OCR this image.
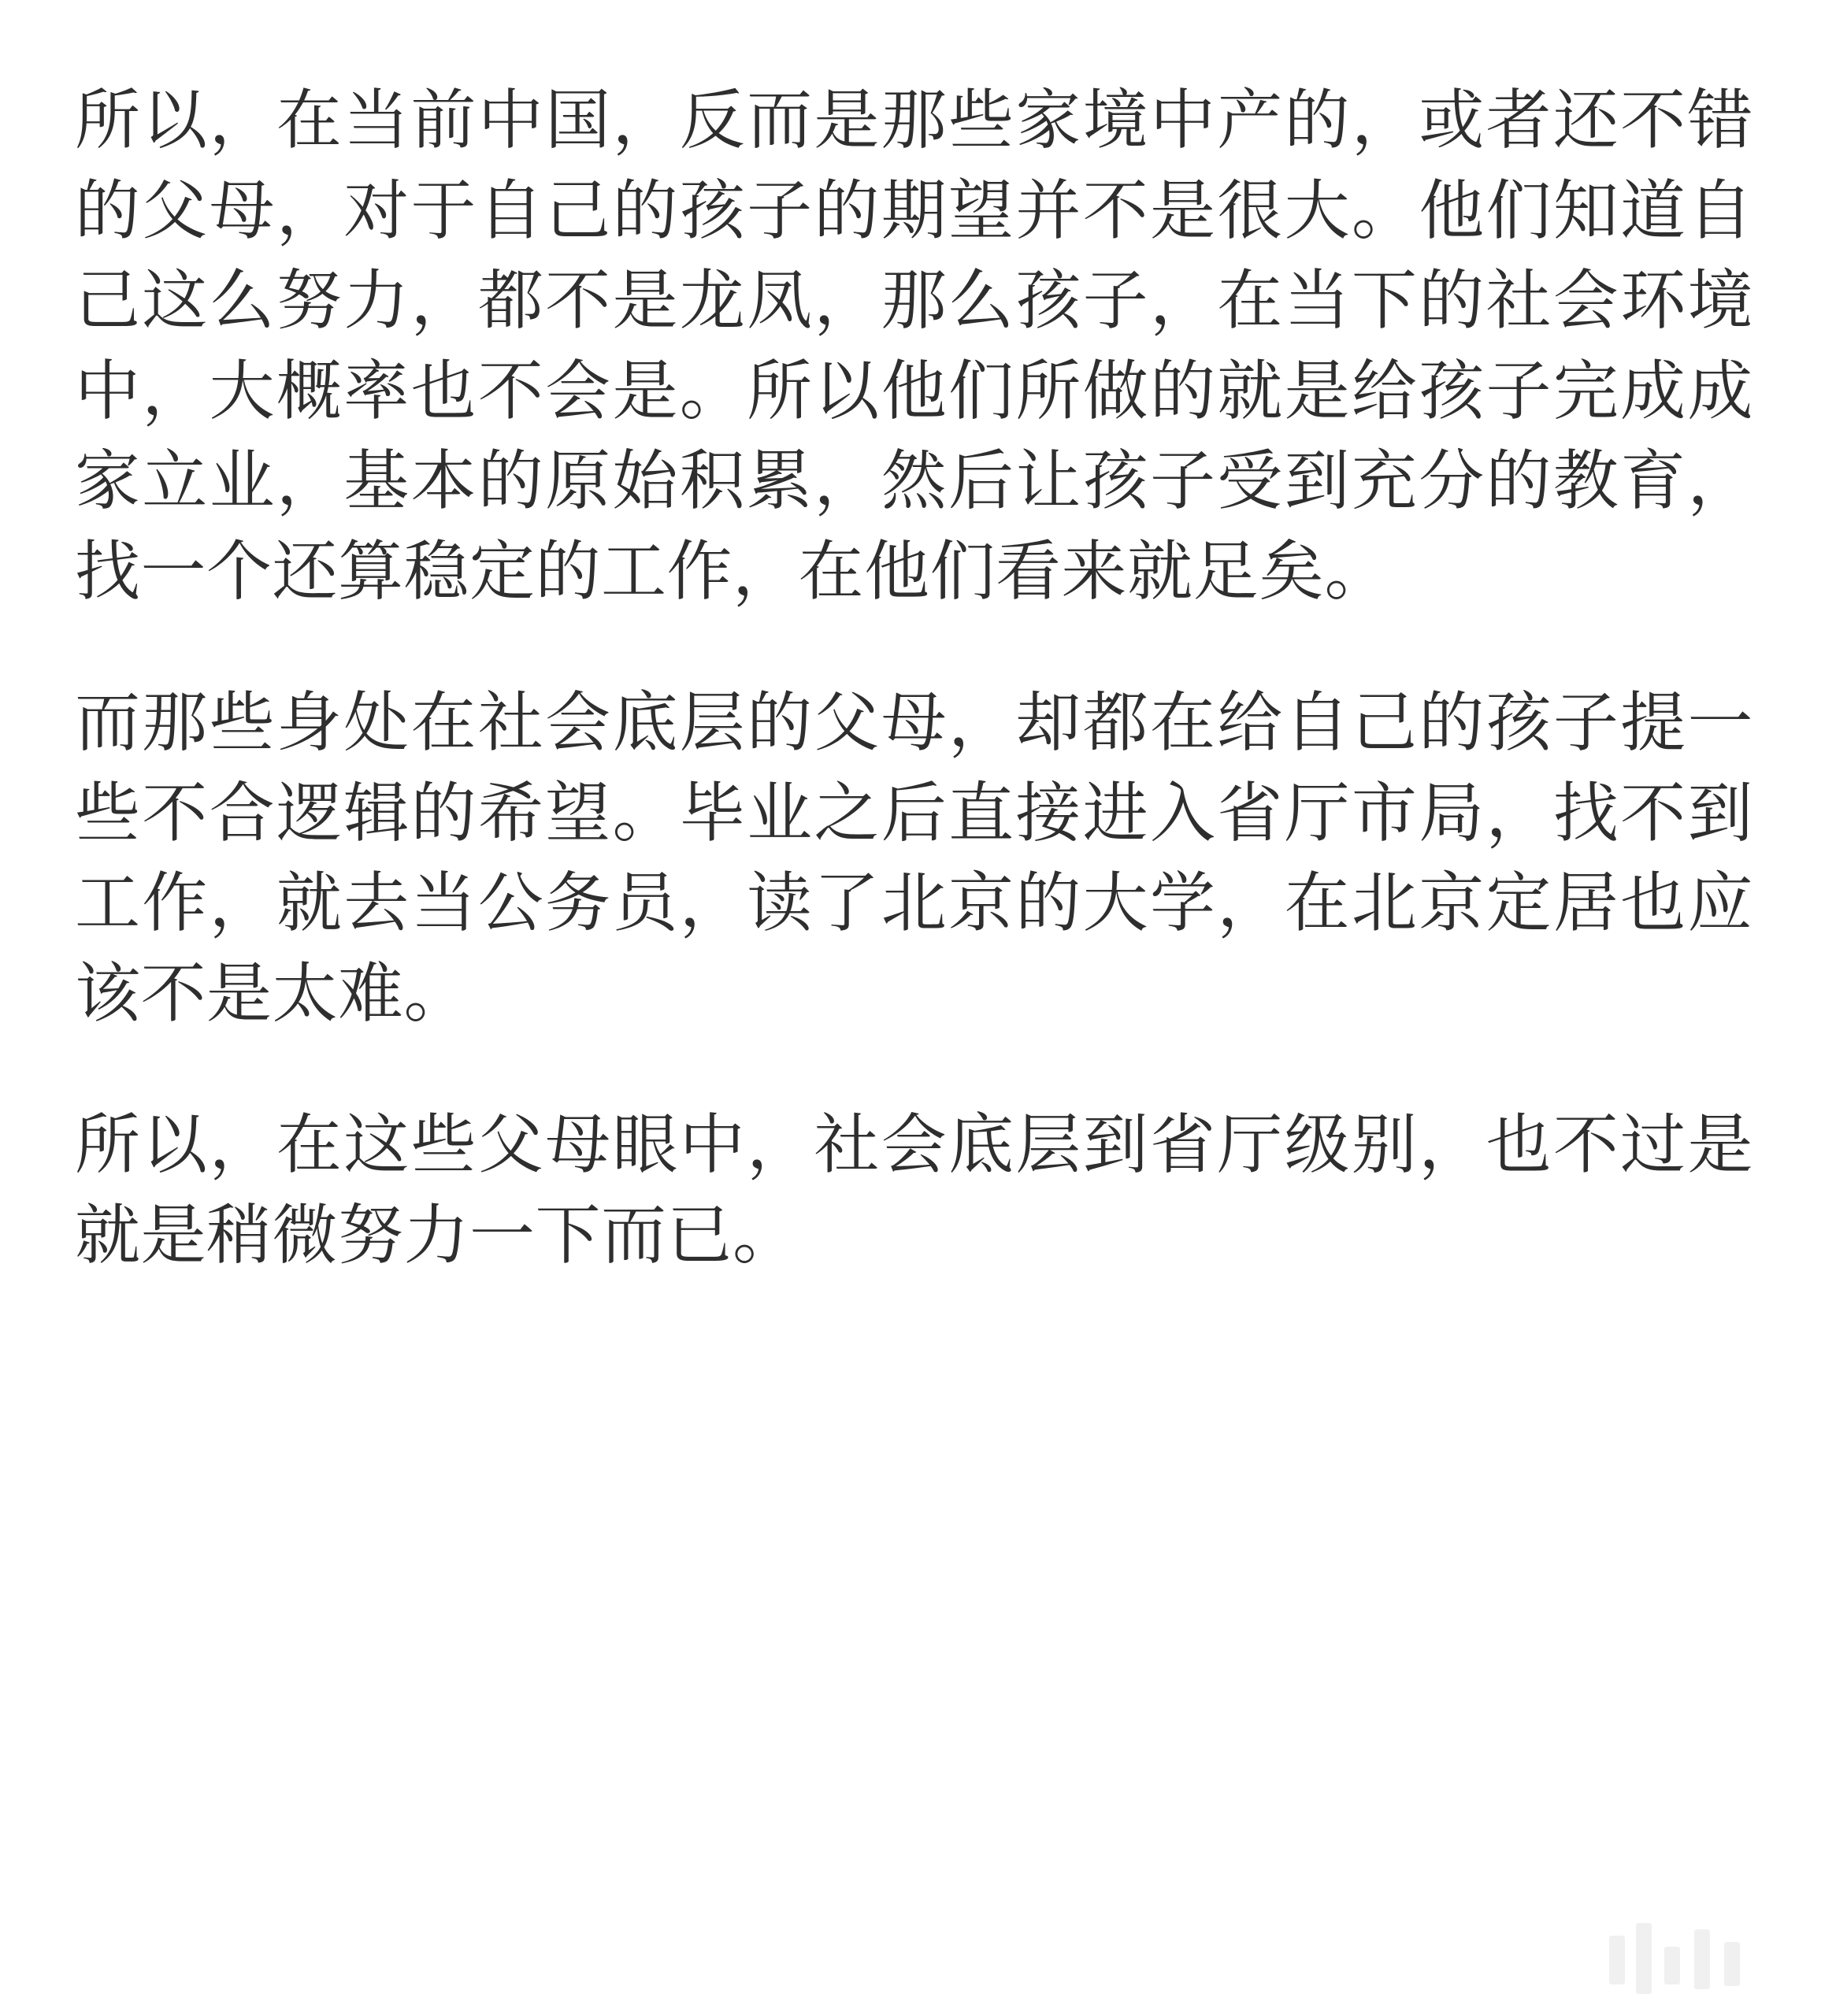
所以，在当前中国，反而是那些家境中产的，或者还不错的父母，对于自己的孩子的期望并不是很大。他们知道自己这么努力，都不是龙凤，那么孩子，在当下的社会环境中，大概率也不会是。所以他们所做的就是给孩子完成成家立业，基本的原始积累，然后让孩子受到充分的教育，找一个还算稳定的工作，在他们看来就足矣。

而那些身处在社会底层的父母，却都在给自己的孩子提一些不合逻辑的希望。毕业之后直接进入省厅市局，找不到工作，就去当公务员，读了北京的大学，在北京定居也应该不是太难。

所以，在这些父母眼中，社会底层到省厅级别，也不过是就是稍微努力一下而已。
